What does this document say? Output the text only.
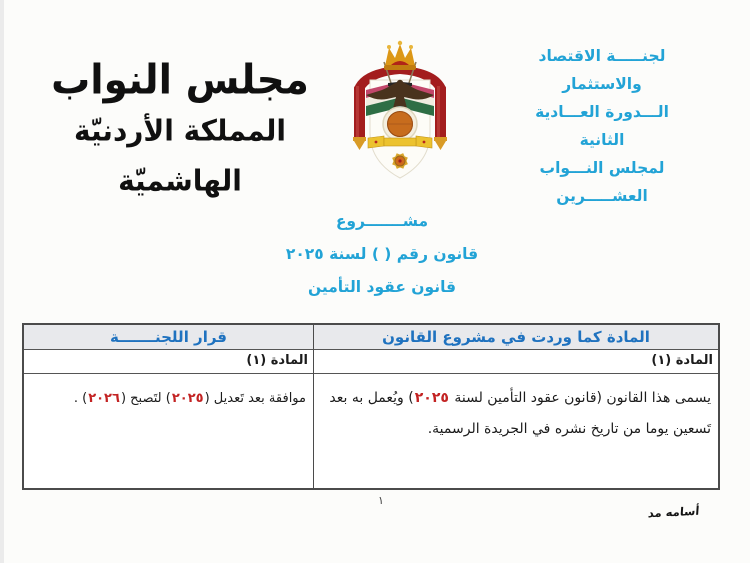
لجنـــــة الاقتصاد والاستثمار
الـــدورة العـــادية الثانية
لمجلس النـــواب العشـــــرين
مجلس النواب
المملكة الأردنيّة الهاشميّة
مشـــــــروع
قانون رقم ( ) لسنة ٢٠٢٥
قانون عقود التأمين
المادة كما وردت في مشروع القانون
قرار اللجنـــــــة
المادة (١)
المادة (١)
يسمى هذا القانون (قانون عقود التأمين لسنة ٢٠٢٥) ويُعمل به بعد
تَسعين يوما من تاريخ نشره في الجريدة الرسمية.
موافقة بعد تَعديل (٢٠٢٥) لتَصبح (٢٠٢٦) .
١
أسامه مد
